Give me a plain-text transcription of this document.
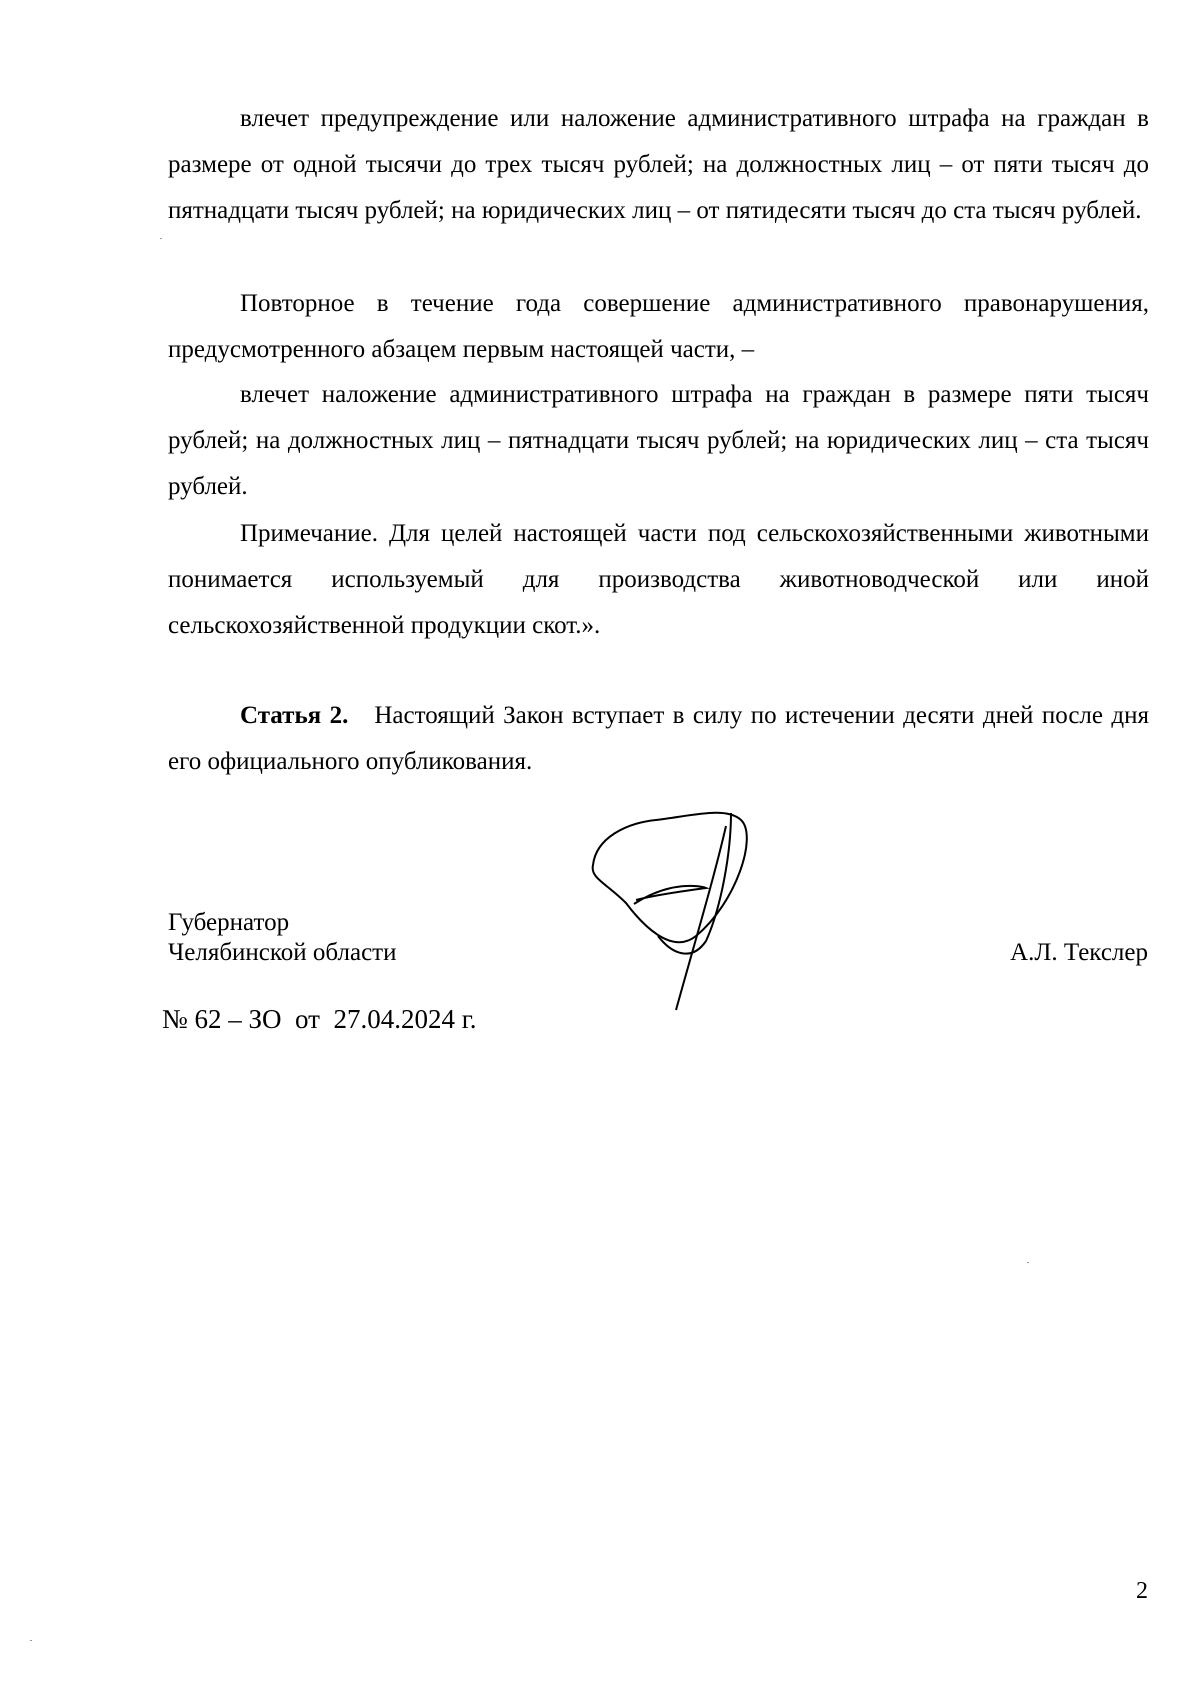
влечет предупреждение или наложение административного штрафа на граждан в размере от одной тысячи до трех тысяч рублей; на должностных лиц – от пяти тысяч до пятнадцати тысяч рублей; на юридических лиц – от пятидесяти тысяч до ста тысяч рублей.

Повторное в течение года совершение административного правонарушения, предусмотренного абзацем первым настоящей части, –

влечет наложение административного штрафа на граждан в размере пяти тысяч рублей; на должностных лиц – пятнадцати тысяч рублей; на юридических лиц – ста тысяч рублей.

Примечание. Для целей настоящей части под сельскохозяйственными животными понимается используемый для производства животноводческой или иной сельскохозяйственной продукции скот.».

Статья 2. Настоящий Закон вступает в силу по истечении десяти дней после дня его официального опубликования.

Губернатор
Челябинской области	А.Л. Текслер
№ 62 – ЗО  от  27.04.2024 г.
2
